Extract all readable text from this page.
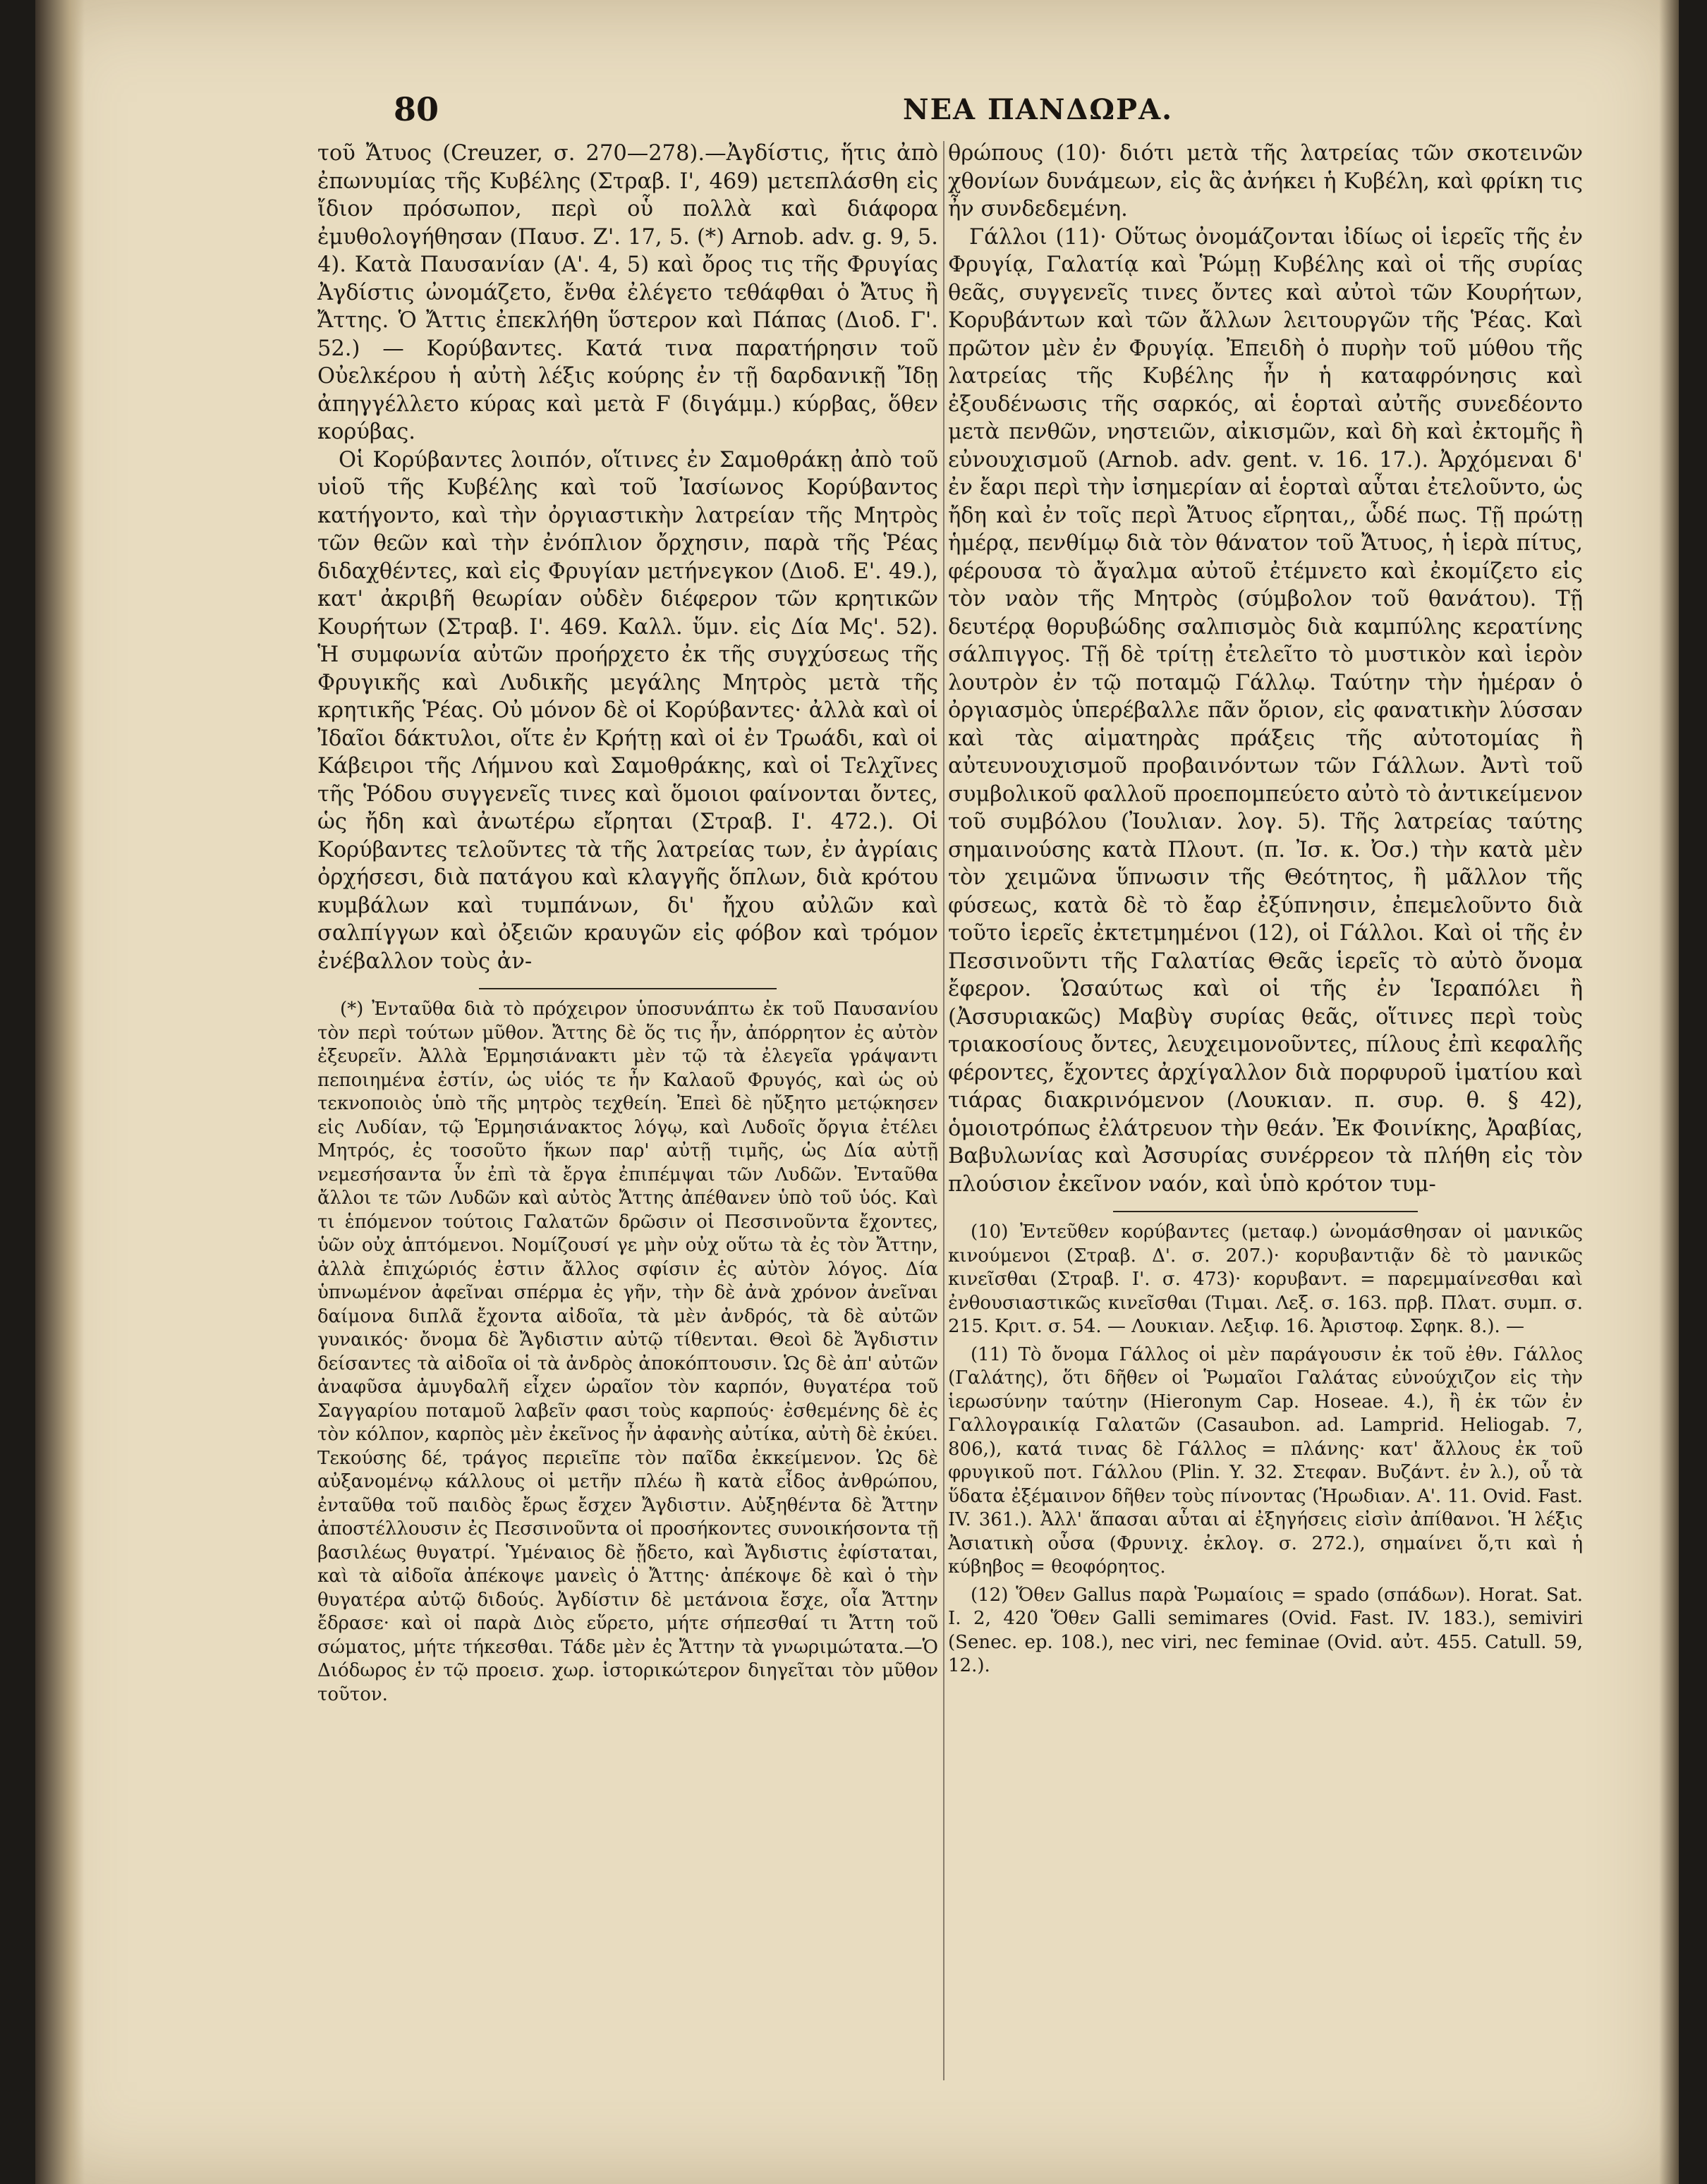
80	ΝΕΑ ΠΑΝΔΩΡΑ.

τοῦ Ἄτυος (Creuzer, σ. 270—278).—Ἀγδίστις, ἥτις ἀπὸ ἐπωνυμίας τῆς Κυβέλης (Στραβ. Ι', 469) μετεπλάσθη εἰς ἴδιον πρόσωπον, περὶ οὗ πολλὰ καὶ διάφορα ἐμυθολογήθησαν (Παυσ. Ζ'. 17, 5. (*) Arnob. adv. g. 9, 5. 4). Κατὰ Παυσανίαν (Α'. 4, 5) καὶ ὄρος τις τῆς Φρυγίας Ἀγδίστις ὠνομάζετο, ἔνθα ἐλέγετο τεθάφθαι ὁ Ἄτυς ἢ Ἄττης. Ὁ Ἄττις ἐπεκλήθη ὕστερον καὶ Πάπας (Διοδ. Γ'. 52.) — Κορύβαντες. Κατά τινα παρατήρησιν τοῦ Οὐελκέρου ἡ αὐτὴ λέξις κούρης ἐν τῇ δαρδανικῇ Ἴδῃ ἀπηγγέλλετο κύρας καὶ μετὰ F (διγάμμ.) κύρβας, ὅθεν κορύβας.

Οἱ Κορύβαντες λοιπόν, οἵτινες ἐν Σαμοθράκῃ ἀπὸ τοῦ υἱοῦ τῆς Κυβέλης καὶ τοῦ Ἰασίωνος Κορύβαντος κατήγοντο, καὶ τὴν ὀργιαστικὴν λατρείαν τῆς Μητρὸς τῶν θεῶν καὶ τὴν ἐνόπλιον ὄρχησιν, παρὰ τῆς Ῥέας διδαχθέντες, καὶ εἰς Φρυγίαν μετήνεγκον (Διοδ. Ε'. 49.), κατ' ἀκριβῆ θεωρίαν οὐδὲν διέφερον τῶν κρητικῶν Κουρήτων (Στραβ. Ι'. 469. Καλλ. ὕμν. εἰς Δία Μς'. 52). Ἡ συμφωνία αὐτῶν προήρχετο ἐκ τῆς συγχύσεως τῆς Φρυγικῆς καὶ Λυδικῆς μεγάλης Μητρὸς μετὰ τῆς κρητικῆς Ῥέας. Οὐ μόνον δὲ οἱ Κορύβαντες· ἀλλὰ καὶ οἱ Ἰδαῖοι δάκτυλοι, οἵτε ἐν Κρήτῃ καὶ οἱ ἐν Τρωάδι, καὶ οἱ Κάβειροι τῆς Λήμνου καὶ Σαμοθράκης, καὶ οἱ Τελχῖνες τῆς Ῥόδου συγγενεῖς τινες καὶ ὅμοιοι φαίνονται ὄντες, ὡς ἤδη καὶ ἀνωτέρω εἴρηται (Στραβ. Ι'. 472.). Οἱ Κορύβαντες τελοῦντες τὰ τῆς λατρείας των, ἐν ἀγρίαις ὀρχήσεσι, διὰ πατάγου καὶ κλαγγῆς ὅπλων, διὰ κρότου κυμβάλων καὶ τυμπάνων, δι' ἤχου αὐλῶν καὶ σαλπίγγων καὶ ὀξειῶν κραυγῶν εἰς φόβον καὶ τρόμον ἐνέβαλλον τοὺς ἀν-

(*) Ἐνταῦθα διὰ τὸ πρόχειρον ὑποσυνάπτω ἐκ τοῦ Παυσανίου τὸν περὶ τούτων μῦθον. Ἄττης δὲ ὅς τις ἦν, ἀπόρρητον ἐς αὐτὸν ἐξευρεῖν. Ἀλλὰ Ἑρμησιάνακτι μὲν τῷ τὰ ἐλεγεῖα γράψαντι πεποιημένα ἐστίν, ὡς υἱός τε ἦν Καλαοῦ Φρυγός, καὶ ὡς οὐ τεκνοποιὸς ὑπὸ τῆς μητρὸς τεχθείη. Ἐπεὶ δὲ ηὔξητο μετῴκησεν εἰς Λυδίαν, τῷ Ἑρμησιάνακτος λόγῳ, καὶ Λυδοῖς ὄργια ἐτέλει Μητρός, ἐς τοσοῦτο ἥκων παρ' αὐτῇ τιμῆς, ὡς Δία αὐτῇ νεμεσήσαντα ὗν ἐπὶ τὰ ἔργα ἐπιπέμψαι τῶν Λυδῶν. Ἐνταῦθα ἄλλοι τε τῶν Λυδῶν καὶ αὐτὸς Ἄττης ἀπέθανεν ὑπὸ τοῦ ὑός. Καὶ τι ἑπόμενον τούτοις Γαλατῶν δρῶσιν οἱ Πεσσινοῦντα ἔχοντες, ὑῶν οὐχ ἁπτόμενοι. Νομίζουσί γε μὴν οὐχ οὕτω τὰ ἐς τὸν Ἄττην, ἀλλὰ ἐπιχώριός ἐστιν ἄλλος σφίσιν ἐς αὐτὸν λόγος. Δία ὑπνωμένον ἀφεῖναι σπέρμα ἐς γῆν, τὴν δὲ ἀνὰ χρόνον ἀνεῖναι δαίμονα διπλᾶ ἔχοντα αἰδοῖα, τὰ μὲν ἀνδρός, τὰ δὲ αὐτῶν γυναικός· ὄνομα δὲ Ἄγδιστιν αὐτῷ τίθενται. Θεοὶ δὲ Ἄγδιστιν δείσαντες τὰ αἰδοῖα οἱ τὰ ἀνδρὸς ἀποκόπτουσιν. Ὡς δὲ ἀπ' αὐτῶν ἀναφῦσα ἀμυγδαλῆ εἶχεν ὡραῖον τὸν καρπόν, θυγατέρα τοῦ Σαγγαρίου ποταμοῦ λαβεῖν φασι τοὺς καρπούς· ἐσθεμένης δὲ ἐς τὸν κόλπον, καρπὸς μὲν ἐκεῖνος ἦν ἀφανὴς αὐτίκα, αὐτὴ δὲ ἐκύει. Τεκούσης δέ, τράγος περιεῖπε τὸν παῖδα ἐκκείμενον. Ὡς δὲ αὐξανομένῳ κάλλους οἱ μετῆν πλέω ἢ κατὰ εἶδος ἀνθρώπου, ἐνταῦθα τοῦ παιδὸς ἔρως ἔσχεν Ἄγδιστιν. Αὐξηθέντα δὲ Ἄττην ἀποστέλλουσιν ἐς Πεσσινοῦντα οἱ προσήκοντες συνοικήσοντα τῇ βασιλέως θυγατρί. Ὑμέναιος δὲ ᾔδετο, καὶ Ἄγδιστις ἐφίσταται, καὶ τὰ αἰδοῖα ἀπέκοψε μανεὶς ὁ Ἄττης· ἀπέκοψε δὲ καὶ ὁ τὴν θυγατέρα αὐτῷ διδούς. Ἀγδίστιν δὲ μετάνοια ἔσχε, οἷα Ἄττην ἔδρασε· καὶ οἱ παρὰ Διὸς εὕρετο, μήτε σήπεσθαί τι Ἄττη τοῦ σώματος, μήτε τήκεσθαι. Τάδε μὲν ἐς Ἄττην τὰ γνωριμώτατα.—Ὁ Διόδωρος ἐν τῷ προεισ. χωρ. ἱστορικώτερον διηγεῖται τὸν μῦθον τοῦτον.

θρώπους (10)· διότι μετὰ τῆς λατρείας τῶν σκοτεινῶν χθονίων δυνάμεων, εἰς ἃς ἀνήκει ἡ Κυβέλη, καὶ φρίκη τις ἦν συνδεδεμένη.

Γάλλοι (11)· Οὕτως ὀνομάζονται ἰδίως οἱ ἱερεῖς τῆς ἐν Φρυγίᾳ, Γαλατίᾳ καὶ Ῥώμῃ Κυβέλης καὶ οἱ τῆς συρίας θεᾶς, συγγενεῖς τινες ὄντες καὶ αὐτοὶ τῶν Κουρήτων, Κορυβάντων καὶ τῶν ἄλλων λειτουργῶν τῆς Ῥέας. Καὶ πρῶτον μὲν ἐν Φρυγίᾳ. Ἐπειδὴ ὁ πυρὴν τοῦ μύθου τῆς λατρείας τῆς Κυβέλης ἦν ἡ καταφρόνησις καὶ ἐξουδένωσις τῆς σαρκός, αἱ ἑορταὶ αὐτῆς συνεδέοντο μετὰ πενθῶν, νηστειῶν, αἰκισμῶν, καὶ δὴ καὶ ἐκτομῆς ἢ εὐνουχισμοῦ (Arnob. adv. gent. v. 16. 17.). Ἀρχόμεναι δ' ἐν ἔαρι περὶ τὴν ἰσημερίαν αἱ ἑορταὶ αὗται ἐτελοῦντο, ὡς ἤδη καὶ ἐν τοῖς περὶ Ἄτυος εἴρηται,, ὧδέ πως. Τῇ πρώτῃ ἡμέρᾳ, πενθίμῳ διὰ τὸν θάνατον τοῦ Ἄτυος, ἡ ἱερὰ πίτυς, φέρουσα τὸ ἄγαλμα αὐτοῦ ἐτέμνετο καὶ ἐκομίζετο εἰς τὸν ναὸν τῆς Μητρὸς (σύμβολον τοῦ θανάτου). Τῇ δευτέρᾳ θορυβώδης σαλπισμὸς διὰ καμπύλης κερατίνης σάλπιγγος. Τῇ δὲ τρίτῃ ἐτελεῖτο τὸ μυστικὸν καὶ ἱερὸν λουτρὸν ἐν τῷ ποταμῷ Γάλλῳ. Ταύτην τὴν ἡμέραν ὁ ὀργιασμὸς ὑπερέβαλλε πᾶν ὅριον, εἰς φανατικὴν λύσσαν καὶ τὰς αἱματηρὰς πράξεις τῆς αὐτοτομίας ἢ αὐτευνουχισμοῦ προβαινόντων τῶν Γάλλων. Ἀντὶ τοῦ συμβολικοῦ φαλλοῦ προεπομπεύετο αὐτὸ τὸ ἀντικείμενον τοῦ συμβόλου (Ἰουλιαν. λογ. 5). Τῆς λατρείας ταύτης σημαινούσης κατὰ Πλουτ. (π. Ἰσ. κ. Ὀσ.) τὴν κατὰ μὲν τὸν χειμῶνα ὕπνωσιν τῆς Θεότητος, ἢ μᾶλλον τῆς φύσεως, κατὰ δὲ τὸ ἔαρ ἐξύπνησιν, ἐπεμελοῦντο διὰ τοῦτο ἱερεῖς ἐκτετμημένοι (12), οἱ Γάλλοι. Καὶ οἱ τῆς ἐν Πεσσινοῦντι τῆς Γαλατίας Θεᾶς ἱερεῖς τὸ αὐτὸ ὄνομα ἔφερον. Ὡσαύτως καὶ οἱ τῆς ἐν Ἱεραπόλει ἢ (Ἀσσυριακῶς) Μαβὺγ συρίας θεᾶς, οἵτινες περὶ τοὺς τριακοσίους ὄντες, λευχειμονοῦντες, πίλους ἐπὶ κεφαλῆς φέροντες, ἔχοντες ἀρχίγαλλον διὰ πορφυροῦ ἱματίου καὶ τιάρας διακρινόμενον (Λουκιαν. π. συρ. θ. § 42), ὁμοιοτρόπως ἐλάτρευον τὴν θεάν. Ἐκ Φοινίκης, Ἀραβίας, Βαβυλωνίας καὶ Ἀσσυρίας συνέρρεον τὰ πλήθη εἰς τὸν πλούσιον ἐκεῖνον ναόν, καὶ ὑπὸ κρότον τυμ-

(10) Ἐντεῦθεν κορύβαντες (μεταφ.) ὠνομάσθησαν οἱ μανικῶς κινούμενοι (Στραβ. Δ'. σ. 207.)· κορυβαντιᾷν δὲ τὸ μανικῶς κινεῖσθαι (Στραβ. Ι'. σ. 473)· κορυβαντ. = παρεμμαίνεσθαι καὶ ἐνθουσιαστικῶς κινεῖσθαι (Τιμαι. Λεξ. σ. 163. πρβ. Πλατ. συμπ. σ. 215. Κριτ. σ. 54. — Λουκιαν. Λεξιφ. 16. Ἀριστοφ. Σφηκ. 8.). —

(11) Τὸ ὄνομα Γάλλος οἱ μὲν παράγουσιν ἐκ τοῦ ἐθν. Γάλλος (Γαλάτης), ὅτι δῆθεν οἱ Ῥωμαῖοι Γαλάτας εὐνούχιζον εἰς τὴν ἱερωσύνην ταύτην (Hieronym Cap. Hoseae. 4.), ἢ ἐκ τῶν ἐν Γαλλογραικίᾳ Γαλατῶν (Casaubon. ad. Lamprid. Heliogab. 7, 806,), κατά τινας δὲ Γάλλος = πλάνης· κατ' ἄλλους ἐκ τοῦ φρυγικοῦ ποτ. Γάλλου (Plin. Y. 32. Στεφαν. Βυζάντ. ἐν λ.), οὗ τὰ ὕδατα ἐξέμαινον δῆθεν τοὺς πίνοντας (Ἡρωδιαν. Α'. 11. Ovid. Fast. IV. 361.). Ἀλλ' ἅπασαι αὗται αἱ ἐξηγήσεις εἰσὶν ἀπίθανοι. Ἡ λέξις Ἀσιατικὴ οὖσα (Φρυνιχ. ἐκλογ. σ. 272.), σημαίνει ὅ,τι καὶ ἡ κύβηβος = θεοφόρητος.

(12) Ὅθεν Gallus παρὰ Ῥωμαίοις = spado (σπάδων). Horat. Sat. I. 2, 420 Ὅθεν Galli semimares (Ovid. Fast. IV. 183.), semiviri (Senec. ep. 108.), nec viri, nec feminae (Ovid. αὐτ. 455. Catull. 59, 12.).
